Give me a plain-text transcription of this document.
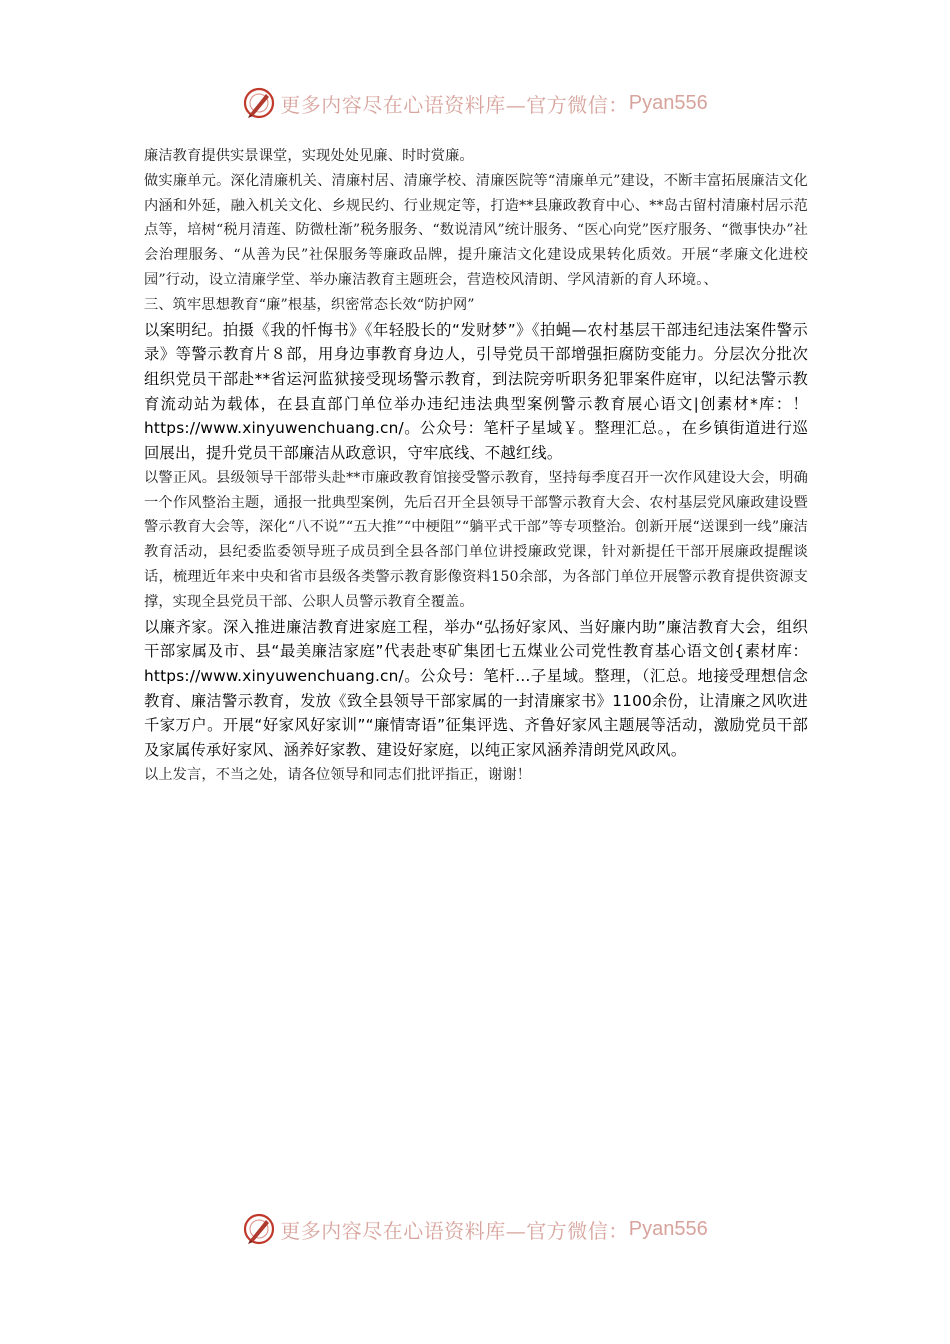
更多内容尽在心语资料库—官方微信： Pyan556

廉洁教育提供实景课堂，实现处处见廉、时时赏廉。

做实廉单元。深化清廉机关、清廉村居、清廉学校、清廉医院等“清廉单元”建设，不断丰富拓展廉洁文化内涵和外延，融入机关文化、乡规民约、行业规定等，打造**县廉政教育中心、**岛古留村清廉村居示范点等，培树“税月清莲、防微杜渐”税务服务、“数说清风”统计服务、“医心向党”医疗服务、“微事快办”社会治理服务、“从善为民”社保服务等廉政品牌，提升廉洁文化建设成果转化质效。开展“孝廉文化进校园”行动，设立清廉学堂、举办廉洁教育主题班会，营造校风清朗、学风清新的育人环境。、

三、筑牢思想教育“廉”根基，织密常态长效“防护网”

以案明纪。拍摄《我的忏悔书》《年轻股长的“发财梦”》《拍蝇—农村基层干部违纪违法案件警示录》等警示教育片８部，用身边事教育身边人，引导党员干部增强拒腐防变能力。分层次分批次组织党员干部赴**省运河监狱接受现场警示教育，到法院旁听职务犯罪案件庭审，以纪法警示教育流动站为载体，在县直部门单位举办违纪违法典型案例警示教育展心语文|创素材*库：！https://www.xinyuwenchuang.cn/。公众号：笔杆子星域￥。整理汇总。，在乡镇街道进行巡回展出，提升党员干部廉洁从政意识，守牢底线、不越红线。

以警正风。县级领导干部带头赴**市廉政教育馆接受警示教育，坚持每季度召开一次作风建设大会，明确一个作风整治主题，通报一批典型案例，先后召开全县领导干部警示教育大会、农村基层党风廉政建设暨警示教育大会等，深化“八不说”“五大推”“中梗阻”“躺平式干部”等专项整治。创新开展“送课到一线”廉洁教育活动，县纪委监委领导班子成员到全县各部门单位讲授廉政党课，针对新提任干部开展廉政提醒谈话，梳理近年来中央和省市县级各类警示教育影像资料150余部，为各部门单位开展警示教育提供资源支撑，实现全县党员干部、公职人员警示教育全覆盖。

以廉齐家。深入推进廉洁教育进家庭工程，举办“弘扬好家风、当好廉内助”廉洁教育大会，组织干部家属及市、县“最美廉洁家庭”代表赴枣矿集团七五煤业公司党性教育基心语文创{素材库：https://www.xinyuwenchuang.cn/。公众号：笔杆…子星域。整理，（汇总。地接受理想信念教育、廉洁警示教育，发放《致全县领导干部家属的一封清廉家书》1100余份，让清廉之风吹进千家万户。开展“好家风好家训”“廉情寄语”征集评选、齐鲁好家风主题展等活动，激励党员干部及家属传承好家风、涵养好家教、建设好家庭，以纯正家风涵养清朗党风政风。

以上发言，不当之处，请各位领导和同志们批评指正，谢谢！

更多内容尽在心语资料库—官方微信： Pyan556
